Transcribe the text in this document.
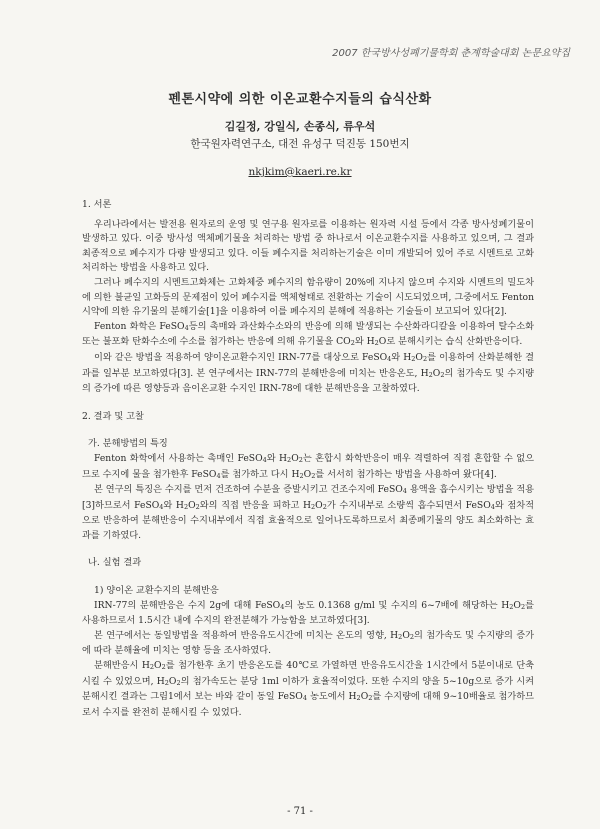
2007 한국방사성폐기물학회 춘계학술대회 논문요약집
펜톤시약에 의한 이온교환수지들의 습식산화
김길정, 강일식, 손종식, 류우석
한국원자력연구소, 대전 유성구 덕진동 150번지
nkjkim@kaeri.re.kr

1. 서론

우리나라에서는 발전용 원자로의 운영 및 연구용 원자로를 이용하는 원자력 시설 등에서 각종 방사성폐기물이 발생하고 있다. 이중 방사성 액체폐기물을 처리하는 방법 중 하나로서 이온교환수지를 사용하고 있으며, 그 결과 최종적으로 폐수지가 다량 발생되고 있다. 이들 폐수지를 처리하는기술은 이미 개발되어 있어 주로 시멘트로 고화처리하는 방법을 사용하고 있다.

그러나 폐수지의 시멘트고화체는 고화체중 폐수지의 함유량이 20%에 지나지 않으며 수지와 시멘트의 밀도차에 의한 불균일 고화등의 문제점이 있어 폐수지를 액체형태로 전환하는 기술이 시도되었으며, 그중에서도 Fenton시약에 의한 유기물의 분해기술[1]을 이용하여 이를 폐수지의 분해에 적용하는 기술들이 보고되어 있다[2].

Fenton 화학은 FeSO4등의 촉매와 과산화수소와의 반응에 의해 발생되는 수산화라디칼을 이용하여 탈수소화 또는 불포화 탄화수소에 수소를 첨가하는 반응에 의해 유기물을 CO2와 H2O로 분해시키는 습식 산화반응이다.

이와 같은 방법을 적용하여 양이온교환수지인 IRN-77를 대상으로 FeSO4와 H2O2를 이용하여 산화분해한 결과를 일부분 보고하였다[3]. 본 연구에서는 IRN-77의 분해반응에 미치는 반응온도, H2O2의 첨가속도 및 수지량의 증가에 따른 영향등과 음이온교환 수지인 IRN-78에 대한 분해반응을 고찰하였다.

2. 결과 및 고찰

가. 분해방법의 특징

Fenton 화학에서 사용하는 촉매인 FeSO4와 H2O2는 혼합시 화학반응이 매우 격렬하여 직접 혼합할 수 없으므로 수지에 물을 첨가한후 FeSO4를 첨가하고 다시 H2O2를 서서히 첨가하는 방법을 사용하여 왔다[4].

본 연구의 특징은 수지를 먼저 건조하여 수분을 증발시키고 건조수지에 FeSO4 용액을 흡수시키는 방법을 적용[3]하므로서 FeSO4와 H2O2와의 직접 반응을 피하고 H2O2가 수지내부로 소량씩 흡수되면서 FeSO4와 점차적으로 반응하여 분해반응이 수지내부에서 직접 효율적으로 일어나도록하므로서 최종폐기물의 양도 최소화하는 효과를 기하였다.

나. 실험 결과

1) 양이온 교환수지의 분해반응

IRN-77의 분해반응은 수지 2g에 대해 FeSO4의 농도 0.1368 g/ml 및 수지의 6~7배에 해당하는 H2O2를 사용하므로서 1.5시간 내에 수지의 완전분해가 가능함을 보고하였다[3].

본 연구에서는 동일방법을 적용하여 반응유도시간에 미치는 온도의 영향, H2O2의 첨가속도 및 수지량의 증가에 따라 분해율에 미치는 영향 등을 조사하였다.

분해반응시 H2O2를 첨가한후 초기 반응온도를 40℃로 가열하면 반응유도시간을 1시간에서 5분이내로 단축시킬 수 있었으며, H2O2의 첨가속도는 분당 1ml 이하가 효율적이었다. 또한 수지의 양을 5~10g으로 증가 시켜 분해시킨 결과는 그림1에서 보는 바와 같이 동일 FeSO4 농도에서 H2O2를 수지량에 대해 9~10배율로 첨가하므로서 수지를 완전히 분해시킬 수 있었다.

- 71 -
